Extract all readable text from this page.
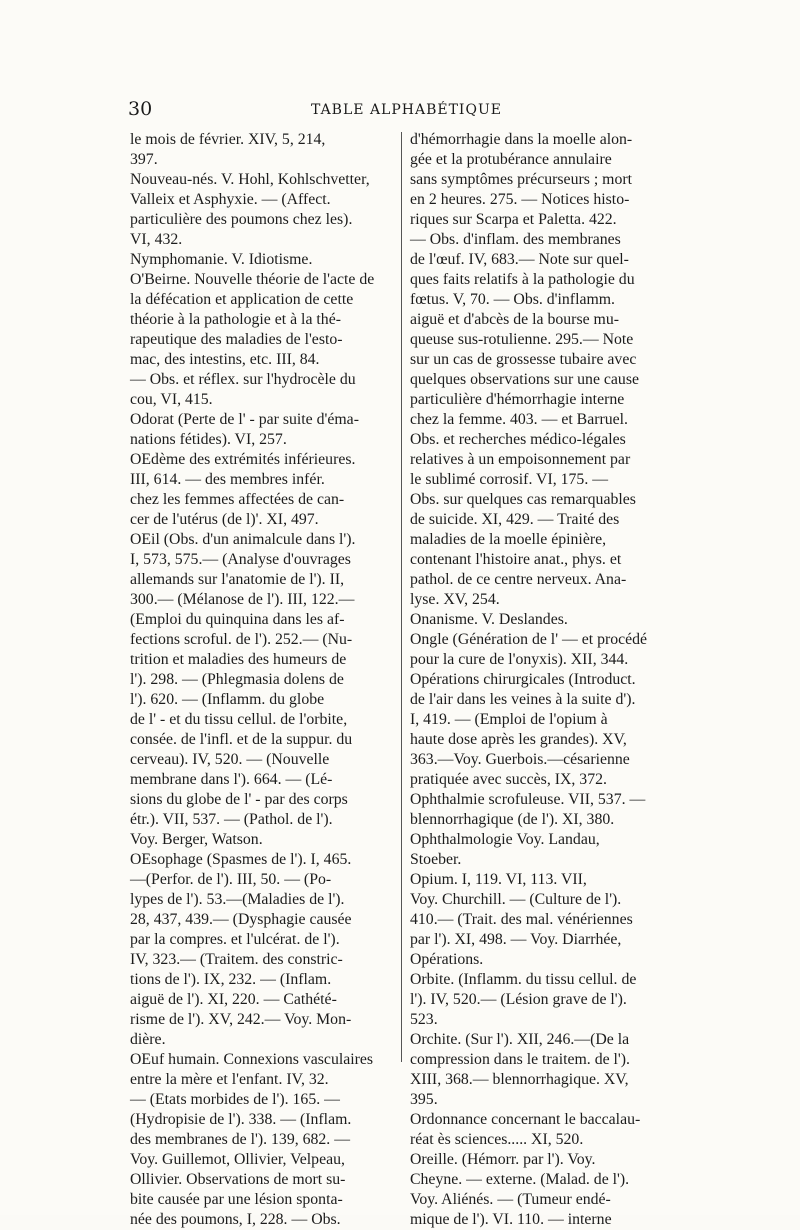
30	TABLE ALPHABÉTIQUE
le mois de février. XIV, 5, 214,
397.
Nouveau-nés. V. Hohl, Kohlschvetter,
Valleix et Asphyxie. — (Affect.
particulière des poumons chez les).
VI, 432.
Nymphomanie. V. Idiotisme.
O'Beirne. Nouvelle théorie de l'acte de
la défécation et application de cette
théorie à la pathologie et à la thé-
rapeutique des maladies de l'esto-
mac, des intestins, etc. III, 84.
— Obs. et réflex. sur l'hydrocèle du
cou, VI, 415.
Odorat (Perte de l' - par suite d'éma-
nations fétides). VI, 257.
OEdème des extrémités inférieures.
III, 614. — des membres infér.
chez les femmes affectées de can-
cer de l'utérus (de l)'. XI, 497.
OEil (Obs. d'un animalcule dans l').
I, 573, 575.— (Analyse d'ouvrages
allemands sur l'anatomie de l'). II,
300.— (Mélanose de l'). III, 122.—
(Emploi du quinquina dans les af-
fections scroful. de l'). 252.— (Nu-
trition et maladies des humeurs de
l'). 298. — (Phlegmasia dolens de
l'). 620. — (Inflamm. du globe
de l' - et du tissu cellul. de l'orbite,
consée. de l'infl. et de la suppur. du
cerveau). IV, 520. — (Nouvelle
membrane dans l'). 664. — (Lé-
sions du globe de l' - par des corps
étr.). VII, 537. — (Pathol. de l').
Voy. Berger, Watson.
OEsophage (Spasmes de l'). I, 465.
—(Perfor. de l'). III, 50. — (Po-
lypes de l'). 53.—(Maladies de l').
28, 437, 439.— (Dysphagie causée
par la compres. et l'ulcérat. de l').
IV, 323.— (Traitem. des constric-
tions de l'). IX, 232. — (Inflam.
aiguë de l'). XI, 220. — Cathété-
risme de l'). XV, 242.— Voy. Mon-
dière.
OEuf humain. Connexions vasculaires
entre la mère et l'enfant. IV, 32.
— (Etats morbides de l'). 165. —
(Hydropisie de l'). 338. — (Inflam.
des membranes de l'). 139, 682. —
Voy. Guillemot, Ollivier, Velpeau,
Ollivier. Observations de mort su-
bite causée par une lésion sponta-
née des poumons, I, 228. — Obs.
d'hémorrhagie dans la moelle alon-
gée et la protubérance annulaire
sans symptômes précurseurs ; mort
en 2 heures. 275. — Notices histo-
riques sur Scarpa et Paletta. 422.
— Obs. d'inflam. des membranes
de l'œuf. IV, 683.— Note sur quel-
ques faits relatifs à la pathologie du
fœtus. V, 70. — Obs. d'inflamm.
aiguë et d'abcès de la bourse mu-
queuse sus-rotulienne. 295.— Note
sur un cas de grossesse tubaire avec
quelques observations sur une cause
particulière d'hémorrhagie interne
chez la femme. 403. — et Barruel.
Obs. et recherches médico-légales
relatives à un empoisonnement par
le sublimé corrosif. VI, 175. —
Obs. sur quelques cas remarquables
de suicide. XI, 429. — Traité des
maladies de la moelle épinière,
contenant l'histoire anat., phys. et
pathol. de ce centre nerveux. Ana-
lyse. XV, 254.
Onanisme. V. Deslandes.
Ongle (Génération de l' — et procédé
pour la cure de l'onyxis). XII, 344.
Opérations chirurgicales (Introduct.
de l'air dans les veines à la suite d').
I, 419. — (Emploi de l'opium à
haute dose après les grandes). XV,
363.—Voy. Guerbois.—césarienne
pratiquée avec succès, IX, 372.
Ophthalmie scrofuleuse. VII, 537. —
blennorrhagique (de l'). XI, 380.
Ophthalmologie Voy. Landau,
Stoeber.
Opium. I, 119. VI, 113. VII,
Voy. Churchill. — (Culture de l').
410.— (Trait. des mal. vénériennes
par l'). XI, 498. — Voy. Diarrhée,
Opérations.
Orbite. (Inflamm. du tissu cellul. de
l'). IV, 520.— (Lésion grave de l').
523.
Orchite. (Sur l'). XII, 246.—(De la
compression dans le traitem. de l').
XIII, 368.— blennorrhagique. XV,
395.
Ordonnance concernant le baccalau-
réat ès sciences..... XI, 520.
Oreille. (Hémorr. par l'). Voy.
Cheyne. — externe. (Malad. de l').
Voy. Aliénés. — (Tumeur endé-
mique de l'). VI. 110. — interne
